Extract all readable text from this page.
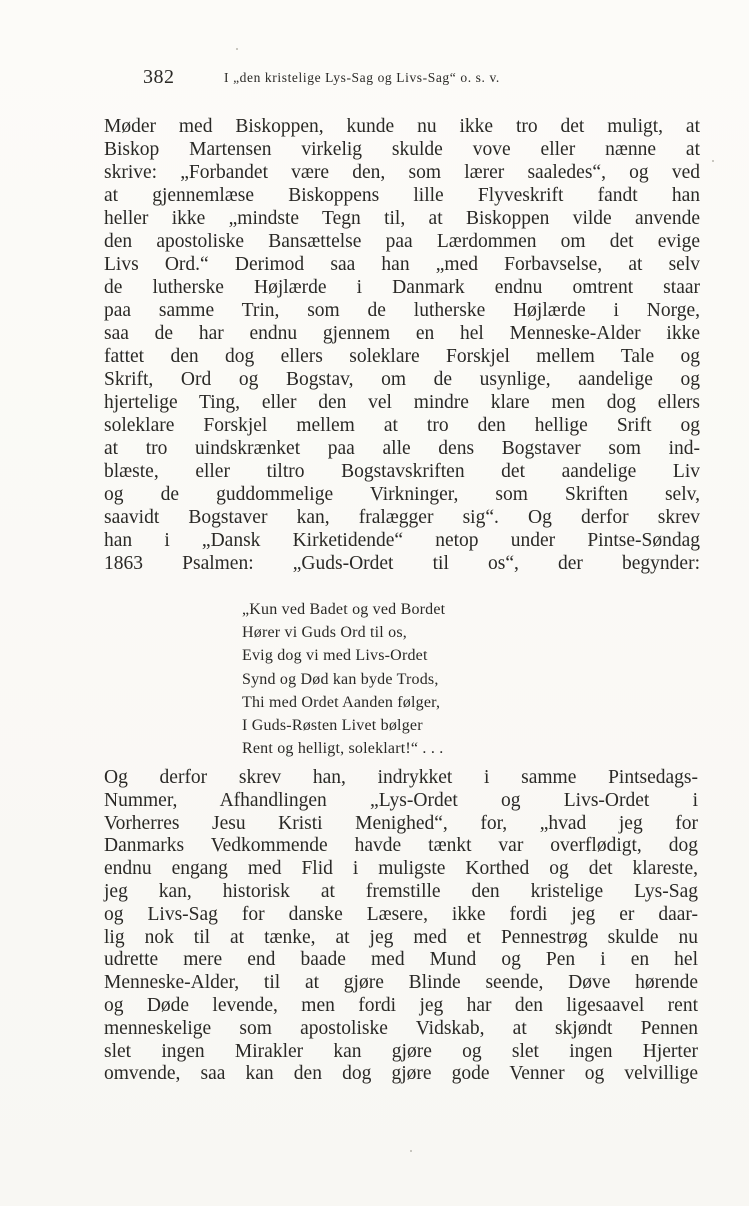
382	I „den kristelige Lys-Sag og Livs-Sag“ o. s. v.
Møder med Biskoppen, kunde nu ikke tro det muligt, at
Biskop Martensen virkelig skulde vove eller nænne at
skrive: „Forbandet være den, som lærer saaledes“, og ved
at gjennemlæse Biskoppens lille Flyveskrift fandt han
heller ikke „mindste Tegn til, at Biskoppen vilde anvende
den apostoliske Bansættelse paa Lærdommen om det evige
Livs Ord.“ Derimod saa han „med Forbavselse, at selv
de lutherske Højlærde i Danmark endnu omtrent staar
paa samme Trin, som de lutherske Højlærde i Norge,
saa de har endnu gjennem en hel Menneske-Alder ikke
fattet den dog ellers soleklare Forskjel mellem Tale og
Skrift, Ord og Bogstav, om de usynlige, aandelige og
hjertelige Ting, eller den vel mindre klare men dog ellers
soleklare Forskjel mellem at tro den hellige Srift og
at tro uindskrænket paa alle dens Bogstaver som ind-
blæste, eller tiltro Bogstavskriften det aandelige Liv
og de guddommelige Virkninger, som Skriften selv,
saavidt Bogstaver kan, fralægger sig“. Og derfor skrev
han i „Dansk Kirketidende“ netop under Pintse-Søndag
1863 Psalmen: „Guds-Ordet til os“, der begynder:
„Kun ved Badet og ved Bordet
Hører vi Guds Ord til os,
Evig dog vi med Livs-Ordet
Synd og Død kan byde Trods,
Thi med Ordet Aanden følger,
I Guds-Røsten Livet bølger
Rent og helligt, soleklart!“ . . .
Og derfor skrev han, indrykket i samme Pintsedags-
Nummer, Afhandlingen „Lys-Ordet og Livs-Ordet i
Vorherres Jesu Kristi Menighed“, for, „hvad jeg for
Danmarks Vedkommende havde tænkt var overflødigt, dog
endnu engang med Flid i muligste Korthed og det klareste,
jeg kan, historisk at fremstille den kristelige Lys-Sag
og Livs-Sag for danske Læsere, ikke fordi jeg er daar-
lig nok til at tænke, at jeg med et Pennestrøg skulde nu
udrette mere end baade med Mund og Pen i en hel
Menneske-Alder, til at gjøre Blinde seende, Døve hørende
og Døde levende, men fordi jeg har den ligesaavel rent
menneskelige som apostoliske Vidskab, at skjøndt Pennen
slet ingen Mirakler kan gjøre og slet ingen Hjerter
omvende, saa kan den dog gjøre gode Venner og velvillige
